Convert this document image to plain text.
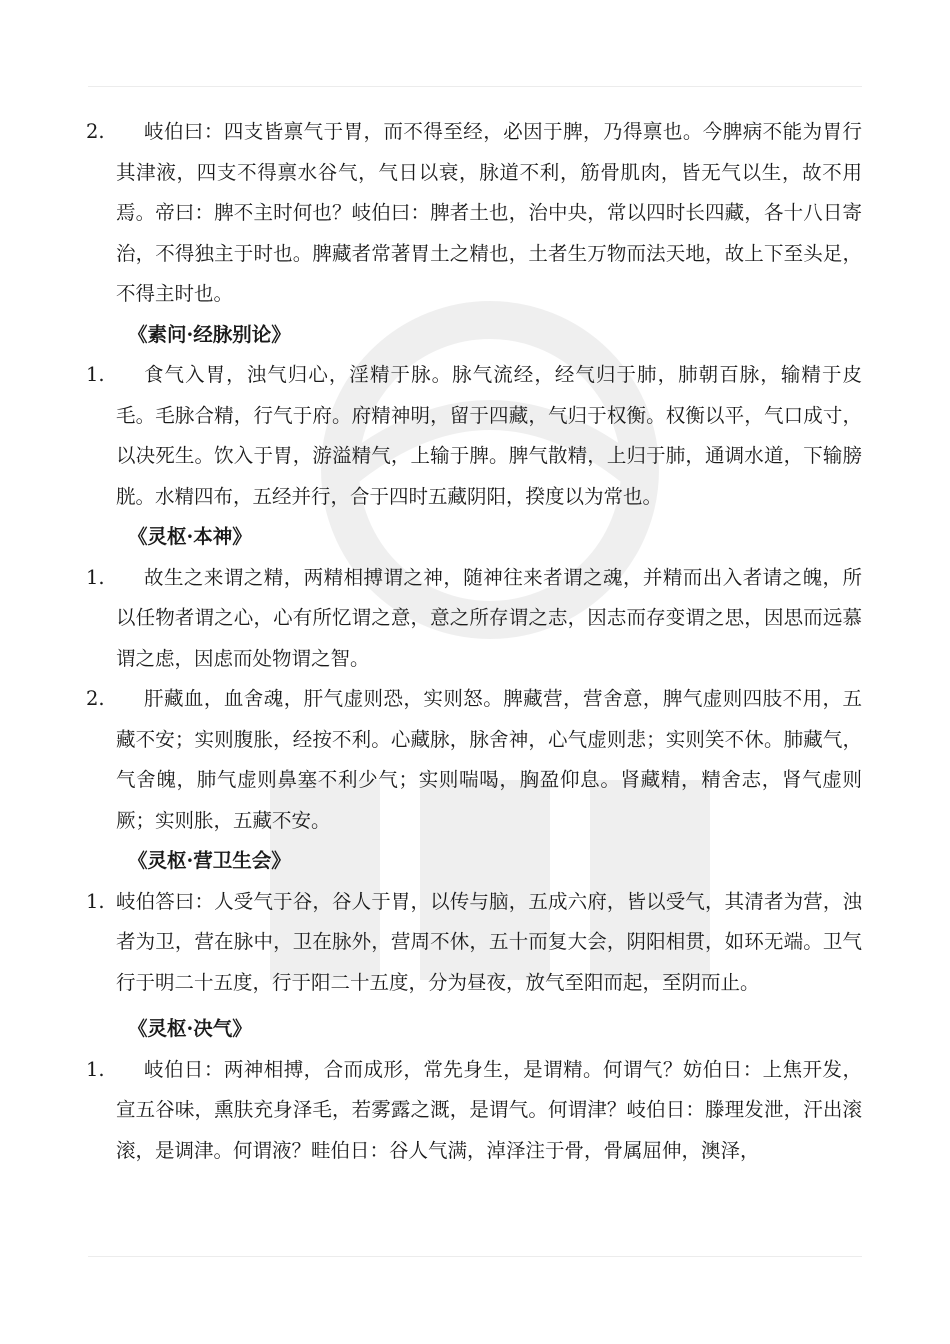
2.	岐伯曰：四支皆禀气于胃，而不得至经，必因于脾，乃得禀也。今脾病不能为胃行其津液，四支不得禀水谷气，气日以衰，脉道不利，筋骨肌肉，皆无气以生，故不用焉。帝曰：脾不主时何也？岐伯曰：脾者土也，治中央，常以四时长四藏，各十八日寄治，不得独主于时也。脾藏者常著胃土之精也，土者生万物而法天地，故上下至头足，不得主时也。
《素问·经脉别论》
1.	食气入胃，浊气归心，淫精于脉。脉气流经，经气归于肺，肺朝百脉，输精于皮毛。毛脉合精，行气于府。府精神明，留于四藏，气归于权衡。权衡以平，气口成寸，以决死生。饮入于胃，游溢精气，上输于脾。脾气散精，上归于肺，通调水道，下输膀胱。水精四布，五经并行，合于四时五藏阴阳，揆度以为常也。
《灵枢·本神》
1.	故生之来谓之精，两精相搏谓之神，随神往来者谓之魂，并精而出入者请之魄，所以任物者谓之心，心有所忆谓之意，意之所存谓之志，因志而存变谓之思，因思而远慕谓之虑，因虑而处物谓之智。
2.	肝藏血，血舍魂，肝气虚则恐，实则怒。脾藏营，营舍意，脾气虚则四肢不用，五藏不安；实则腹胀，经按不利。心藏脉，脉舍神，心气虚则悲；实则笑不休。肺藏气，气舍魄，肺气虚则鼻塞不利少气；实则喘喝，胸盈仰息。肾藏精，精舍志，肾气虚则厥；实则胀，五藏不安。
《灵枢·营卫生会》
1. 岐伯答曰：人受气于谷，谷人于胃，以传与脑，五成六府，皆以受气，其清者为营，浊者为卫，营在脉中，卫在脉外，营周不休，五十而复大会，阴阳相贯，如环无端。卫气行于明二十五度，行于阳二十五度，分为昼夜，放气至阳而起，至阴而止。
《灵枢·决气》
1.	岐伯日：两神相搏，合而成形，常先身生，是谓精。何谓气？妨伯日：上焦开发，宣五谷味，熏肤充身泽毛，若雾露之溉，是谓气。何谓津？岐伯日：滕理发泄，汗出滚滚，是调津。何谓液？畦伯日：谷人气满，淖泽注于骨，骨属屈伸，澳泽，
